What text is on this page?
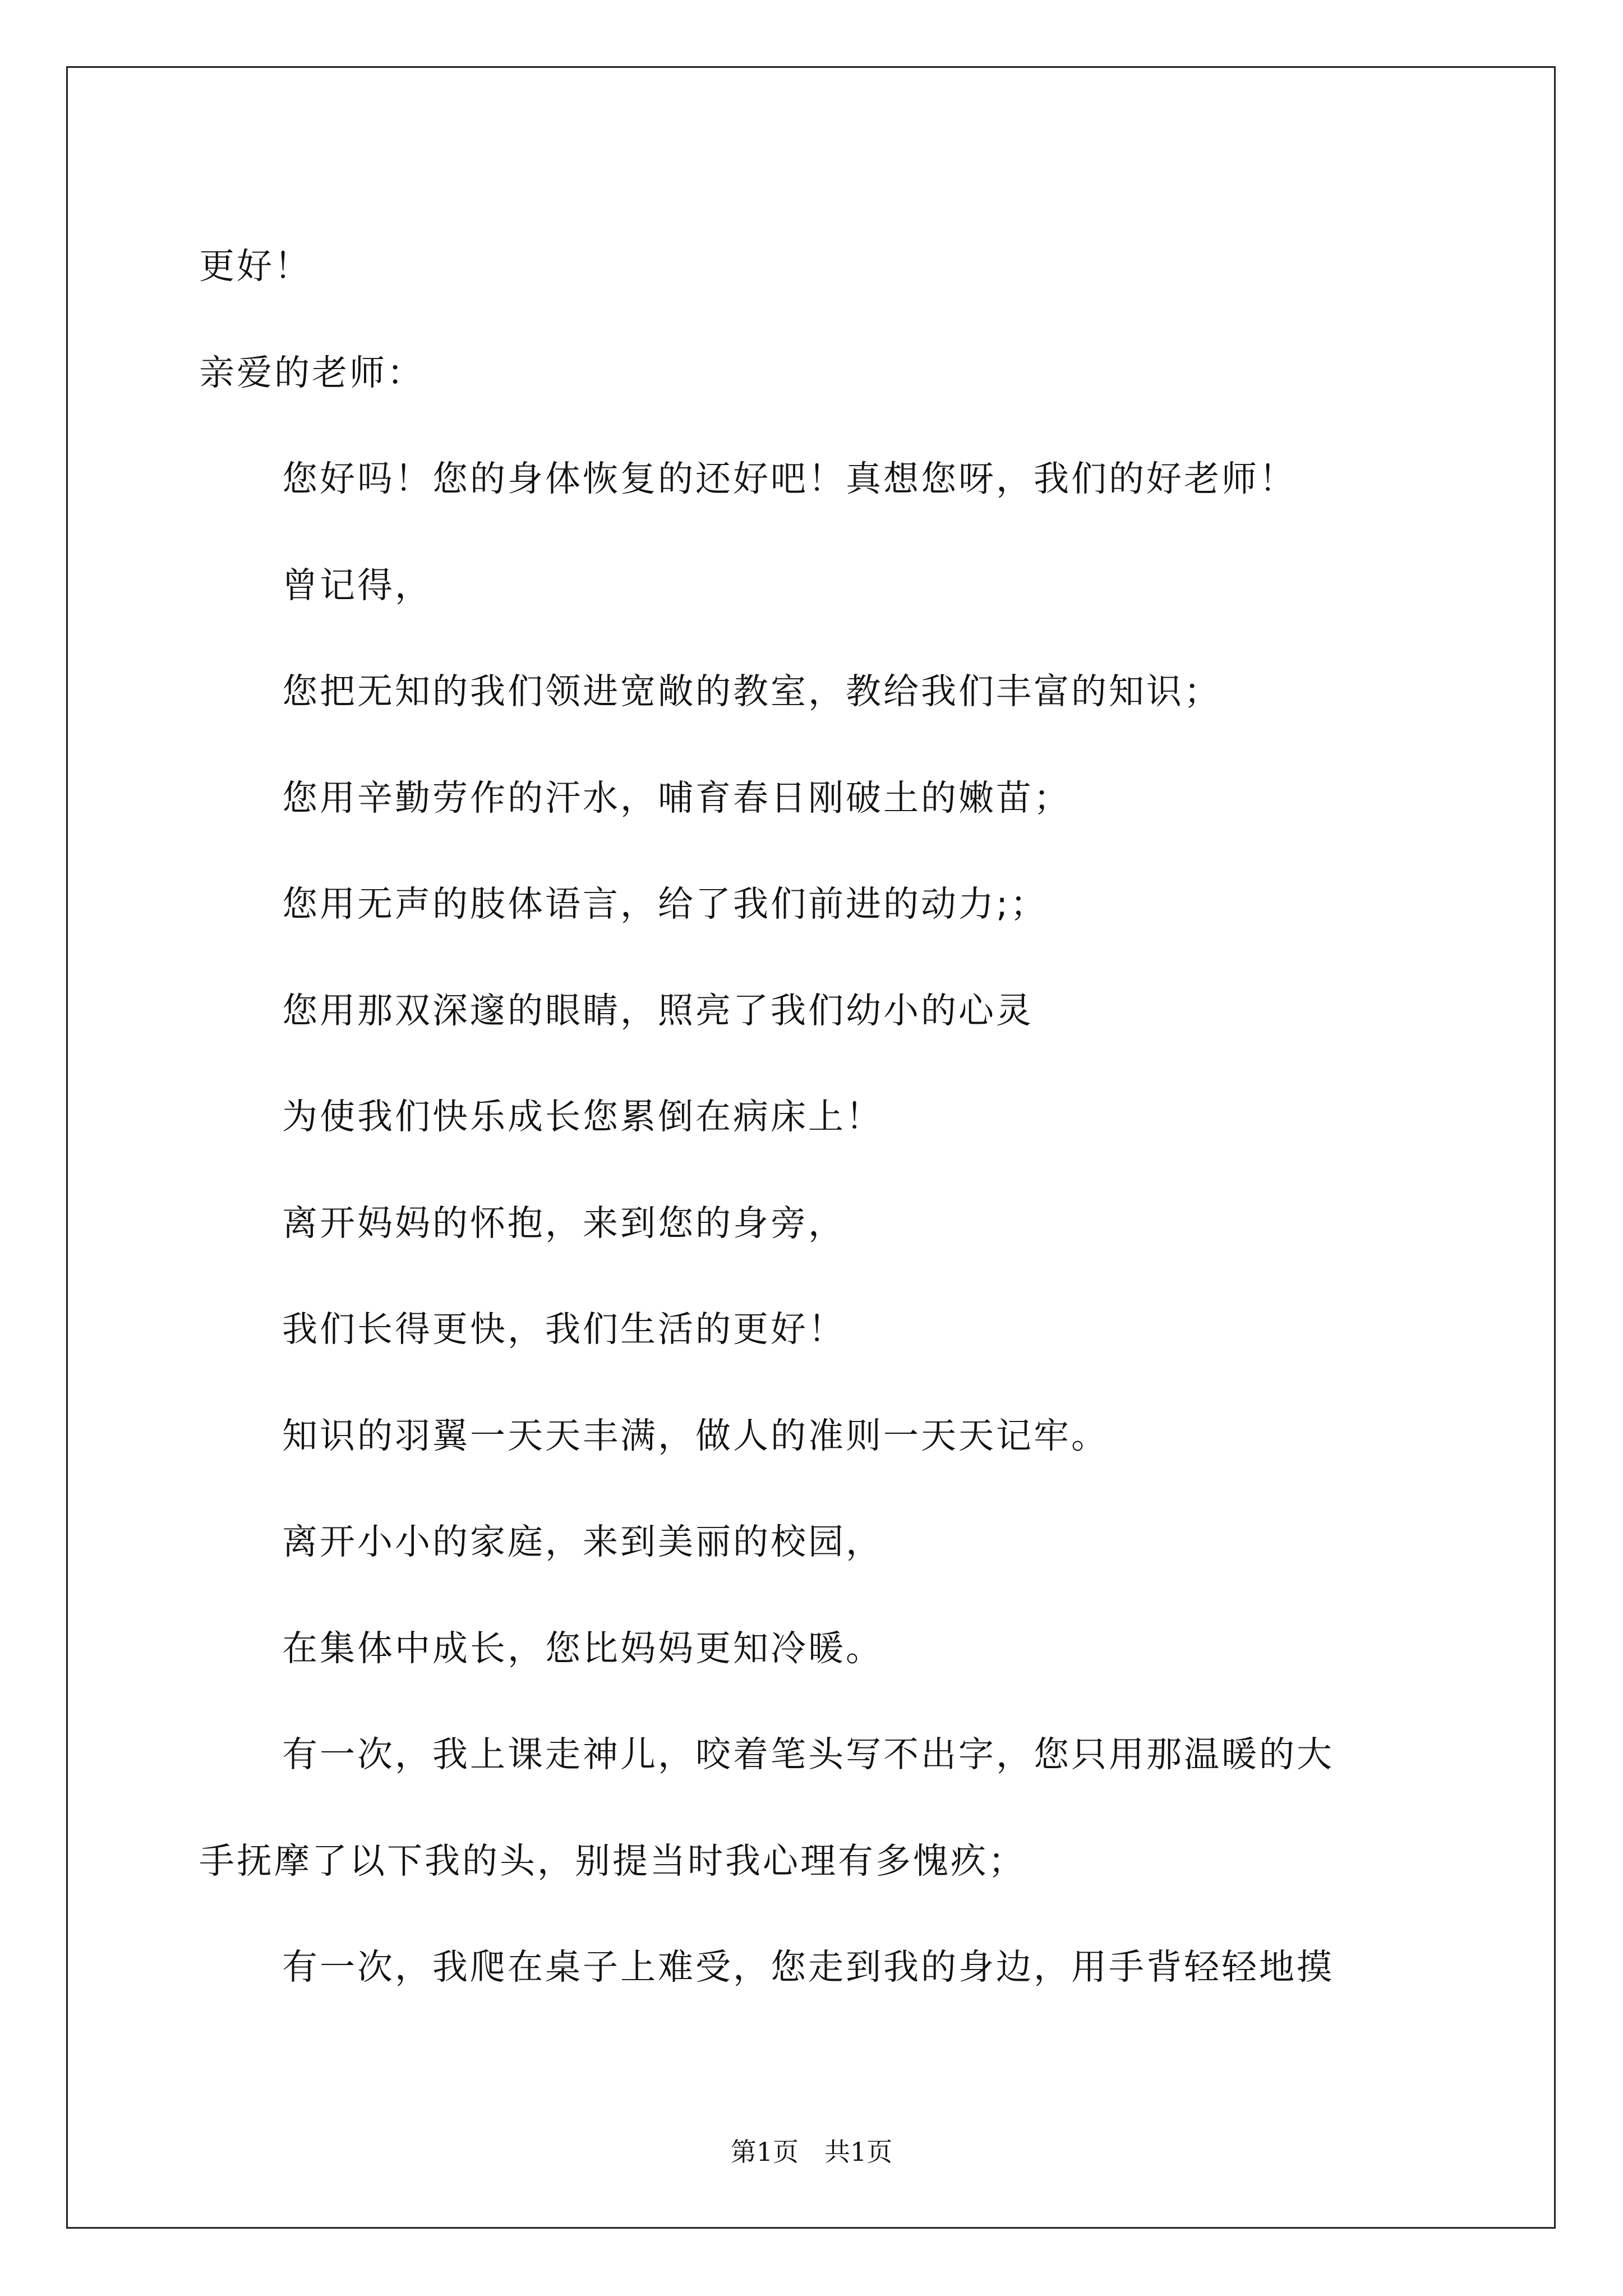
更好！
亲爱的老师：
您好吗！您的身体恢复的还好吧！真想您呀，我们的好老师！
曾记得，
您把无知的我们领进宽敞的教室，教给我们丰富的知识；
您用辛勤劳作的汗水，哺育春日刚破土的嫩苗；
您用无声的肢体语言，给了我们前进的动力;；
您用那双深邃的眼睛，照亮了我们幼小的心灵
为使我们快乐成长您累倒在病床上！
离开妈妈的怀抱，来到您的身旁，
我们长得更快，我们生活的更好！
知识的羽翼一天天丰满，做人的准则一天天记牢。
离开小小的家庭，来到美丽的校园，
在集体中成长，您比妈妈更知冷暖。
有一次，我上课走神儿，咬着笔头写不出字，您只用那温暖的大
手抚摩了以下我的头，别提当时我心理有多愧疚；
有一次，我爬在桌子上难受，您走到我的身边，用手背轻轻地摸
第1页 共1页
